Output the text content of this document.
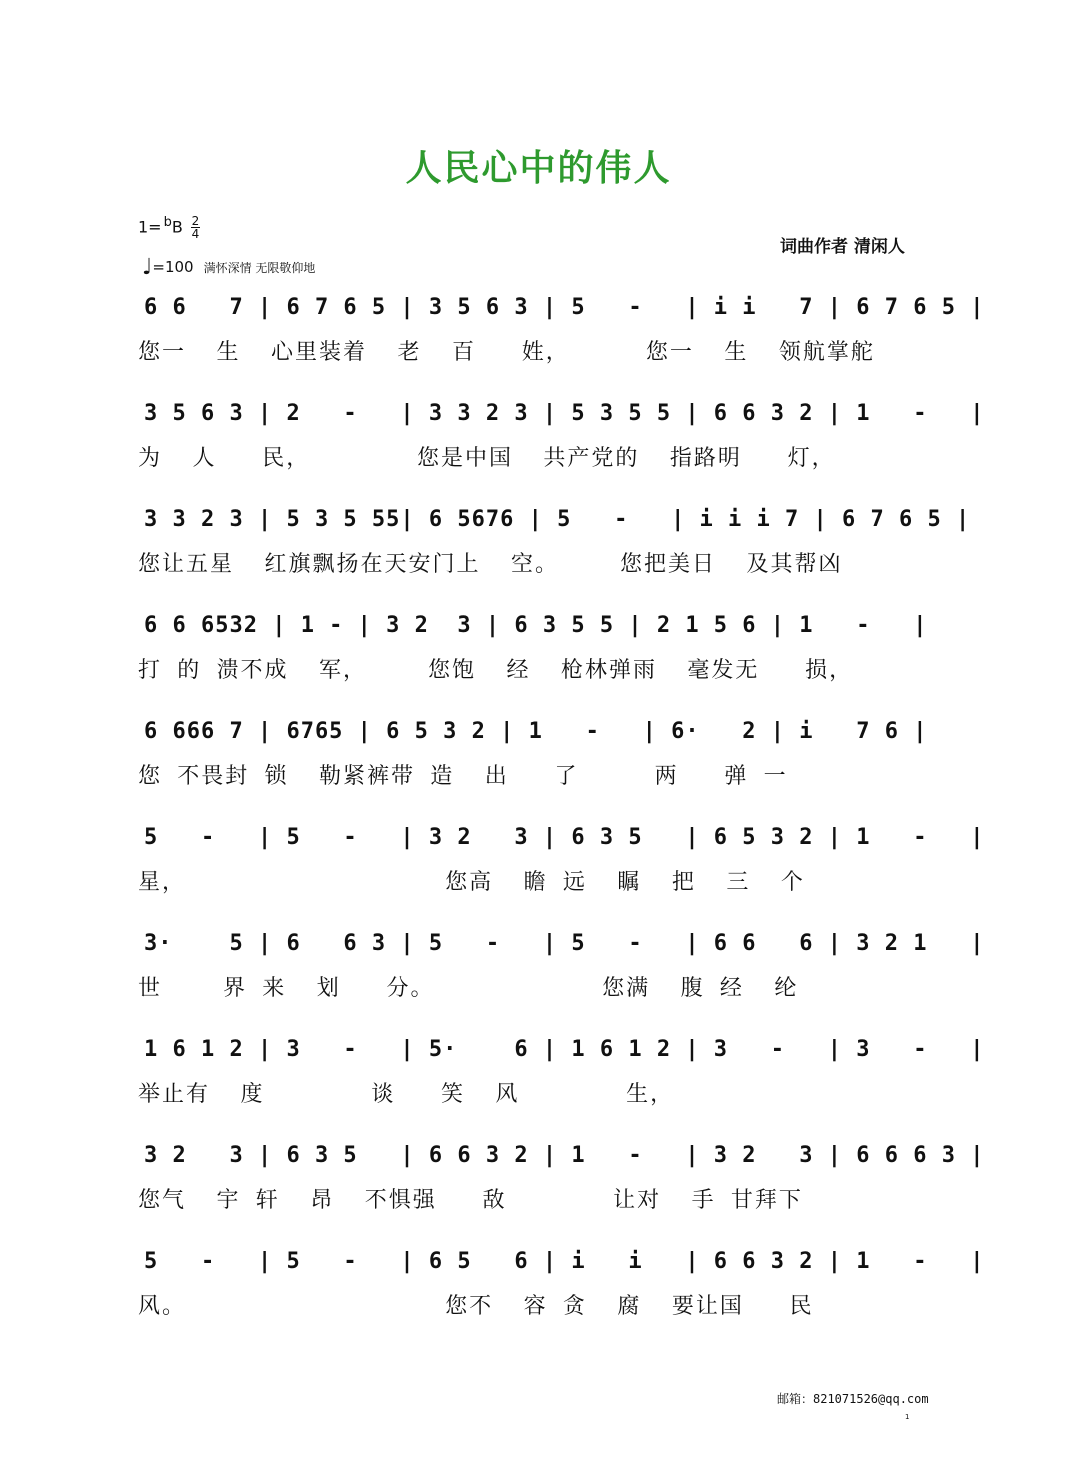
人民心中的伟人
$1= ^bB \frac{2}{4}$
♩=100 满怀深情 无限敬仰地
词曲作者 清闲人
6 6   7 | 6 7 6 5 | 3 5 6 3 | 5   -   | i i   7 | 6 7 6 5 |
您一  生  心里装着  老  百   姓，     您一  生  领航掌舵
3 5 6 3 | 2   -   | 3 3 2 3 | 5 3 5 5 | 6 6 3 2 | 1   -   |
为  人   民，       您是中国  共产党的  指路明   灯，
3 3 2 3 | 5 3 5 55| 6 5676 | 5   -   | i i i 7 | 6 7 6 5 |
您让五星  红旗飘扬在天安门上  空。    您把美日  及其帮凶
6 6 6532 | 1 - | 3 2  3 | 6 3 5 5 | 2 1 5 6 | 1   -   |
打 的 溃不成  军，    您饱  经  枪林弹雨  毫发无   损，
6 666 7 | 6765 | 6 5 3 2 | 1   -   | 6·   2 | i   7 6 |
您 不畏封 锁  勒紧裤带 造  出   了     两   弹 一
5   -   | 5   -   | 3 2   3 | 6 3 5   | 6 5 3 2 | 1   -   |
星，                 您高  瞻 远  瞩  把  三  个
3·    5 | 6   6 3 | 5   -   | 5   -   | 6 6   6 | 3 2 1   |
世    界 来  划   分。           您满  腹 经  纶
1 6 1 2 | 3   -   | 5·    6 | 1 6 1 2 | 3   -   | 3   -   |
举止有  度       谈   笑  风       生，
3 2   3 | 6 3 5   | 6 6 3 2 | 1   -   | 3 2   3 | 6 6 6 3 |
您气  宇 轩  昂  不惧强   敌       让对  手 甘拜下
5   -   | 5   -   | 6 5   6 | i   i   | 6 6 3 2 | 1   -   |
风。                 您不  容 贪  腐  要让国   民
邮箱：821071526@qq.com
1
